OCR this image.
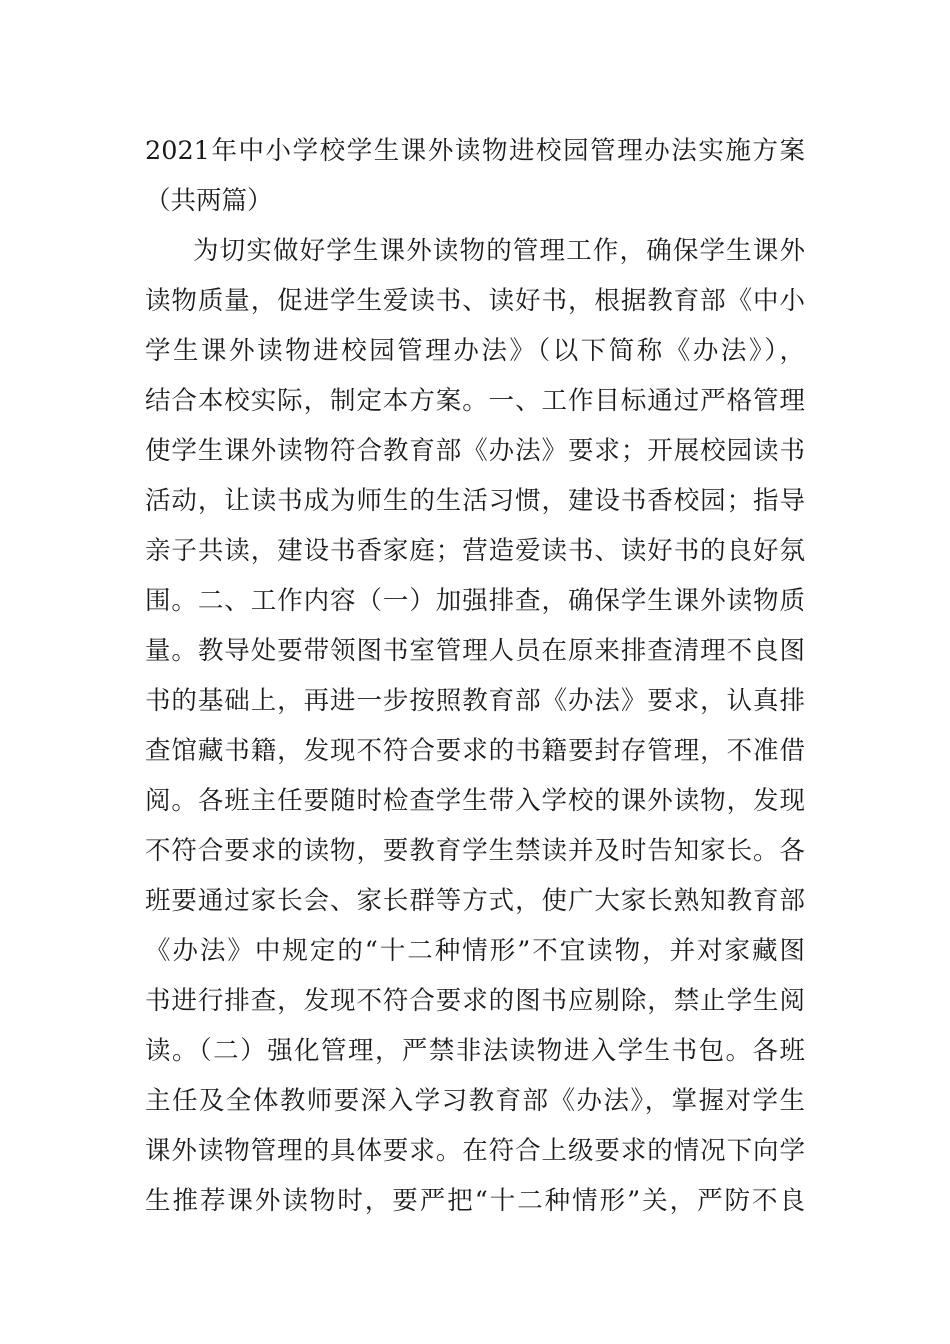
2021年中小学校学生课外读物进校园管理办法实施方案
（共两篇）
为切实做好学生课外读物的管理工作，确保学生课外
读物质量，促进学生爱读书、读好书，根据教育部《中小
学生课外读物进校园管理办法》（以下简称《办法》），
结合本校实际，制定本方案。一、工作目标通过严格管理
使学生课外读物符合教育部《办法》要求；开展校园读书
活动，让读书成为师生的生活习惯，建设书香校园；指导
亲子共读，建设书香家庭；营造爱读书、读好书的良好氛
围。二、工作内容（一）加强排查，确保学生课外读物质
量。教导处要带领图书室管理人员在原来排查清理不良图
书的基础上，再进一步按照教育部《办法》要求，认真排
查馆藏书籍，发现不符合要求的书籍要封存管理，不准借
阅。各班主任要随时检查学生带入学校的课外读物，发现
不符合要求的读物，要教育学生禁读并及时告知家长。各
班要通过家长会、家长群等方式，使广大家长熟知教育部
《办法》中规定的“十二种情形”不宜读物，并对家藏图
书进行排查，发现不符合要求的图书应剔除，禁止学生阅
读。（二）强化管理，严禁非法读物进入学生书包。各班
主任及全体教师要深入学习教育部《办法》，掌握对学生
课外读物管理的具体要求。在符合上级要求的情况下向学
生推荐课外读物时，要严把“十二种情形”关，严防不良
